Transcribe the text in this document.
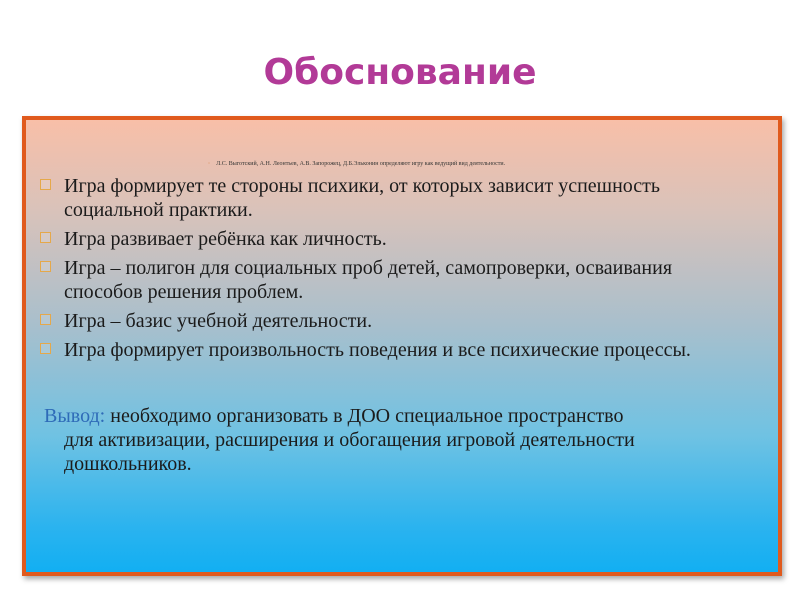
Обоснование
▫ Л.С. Выготский, А.Н. Леонтьев, А.В. Запорожец, Д.Б.Эльконин определяют игру как ведущий вид деятельности.
Игра формирует те стороны психики, от которых зависит успешность социальной практики.
Игра развивает ребёнка как личность.
Игра – полигон для социальных проб детей, самопроверки, осваивания способов решения проблем.
Игра – базис учебной деятельности.
Игра формирует произвольность поведения и все психические процессы.
Вывод: необходимо организовать в ДОО специальное пространство
для активизации, расширения и обогащения игровой деятельности
дошкольников.
